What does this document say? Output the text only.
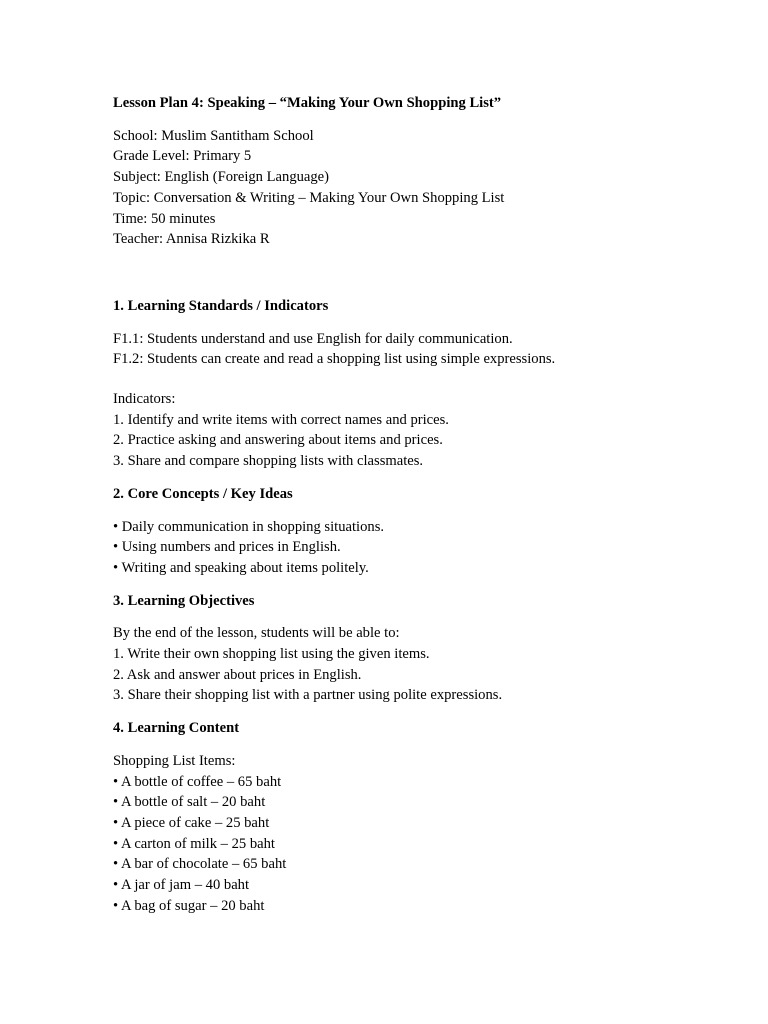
Lesson Plan 4: Speaking – “Making Your Own Shopping List”
School: Muslim Santitham School
Grade Level: Primary 5
Subject: English (Foreign Language)
Topic: Conversation & Writing – Making Your Own Shopping List
Time: 50 minutes
Teacher: Annisa Rizkika R
1. Learning Standards / Indicators
F1.1: Students understand and use English for daily communication.
F1.2: Students can create and read a shopping list using simple expressions.
Indicators:
1. Identify and write items with correct names and prices.
2. Practice asking and answering about items and prices.
3. Share and compare shopping lists with classmates.
2. Core Concepts / Key Ideas
• Daily communication in shopping situations.
• Using numbers and prices in English.
• Writing and speaking about items politely.
3. Learning Objectives
By the end of the lesson, students will be able to:
1. Write their own shopping list using the given items.
2. Ask and answer about prices in English.
3. Share their shopping list with a partner using polite expressions.
4. Learning Content
Shopping List Items:
• A bottle of coffee – 65 baht
• A bottle of salt – 20 baht
• A piece of cake – 25 baht
• A carton of milk – 25 baht
• A bar of chocolate – 65 baht
• A jar of jam – 40 baht
• A bag of sugar – 20 baht
